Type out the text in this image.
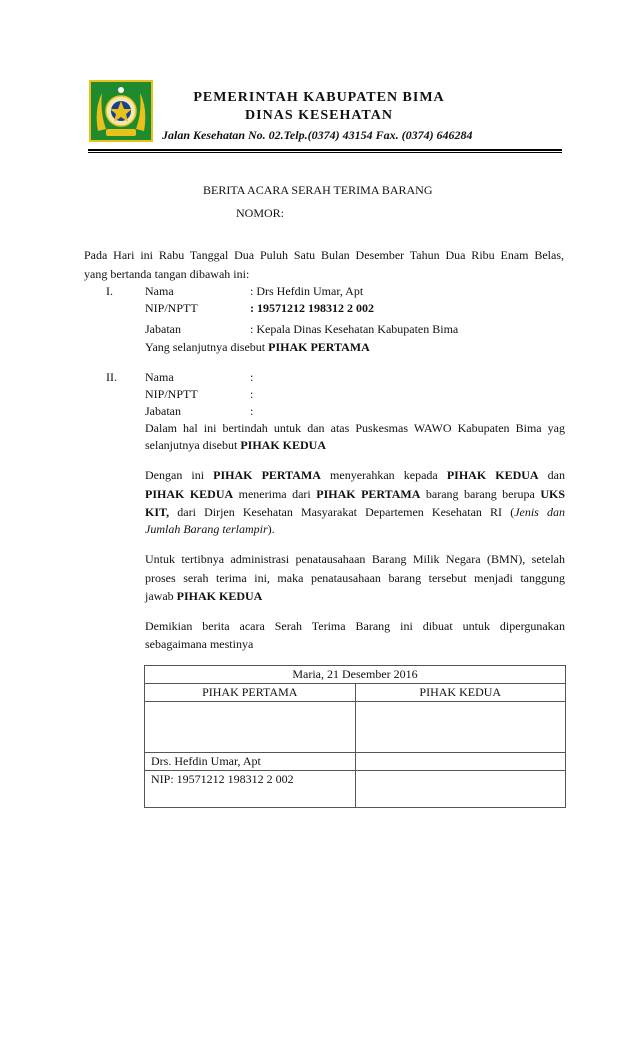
PEMERINTAH KABUPATEN BIMA
DINAS KESEHATAN
Jalan Kesehatan No. 02.Telp.(0374) 43154 Fax. (0374) 646284
BERITA ACARA SERAH TERIMA BARANG
NOMOR:
Pada Hari ini Rabu Tanggal Dua Puluh Satu Bulan Desember Tahun Dua Ribu Enam Belas,
yang bertanda tangan dibawah ini:
I.	Nama	: Drs Hefdin Umar, Apt
NIP/NPTT	: 19571212 198312 2 002
Jabatan	: Kepala Dinas Kesehatan Kabupaten Bima
Yang selanjutnya disebut PIHAK PERTAMA
II. Nama	:
NIP/NPTT	:
Jabatan	:
Dalam hal ini bertindah untuk dan atas Puskesmas WAWO Kabupaten Bima yag
selanjutnya disebut PIHAK KEDUA
Dengan ini PIHAK PERTAMA menyerahkan kepada PIHAK KEDUA dan
PIHAK KEDUA menerima dari PIHAK PERTAMA barang barang berupa UKS
KIT, dari Dirjen Kesehatan Masyarakat Departemen Kesehatan RI (Jenis dan
Jumlah Barang terlampir).
Untuk tertibnya administrasi penatausahaan Barang Milik Negara (BMN), setelah
proses serah terima ini, maka penatausahaan barang tersebut menjadi tanggung
jawab PIHAK KEDUA
Demikian berita acara Serah Terima Barang ini dibuat untuk dipergunakan
sebagaimana mestinya
Maria, 21 Desember 2016	
PIHAK PERTAMA	PIHAK KEDUA

Drs. Hefdin Umar, Apt	
NIP: 19571212 198312 2 002	
